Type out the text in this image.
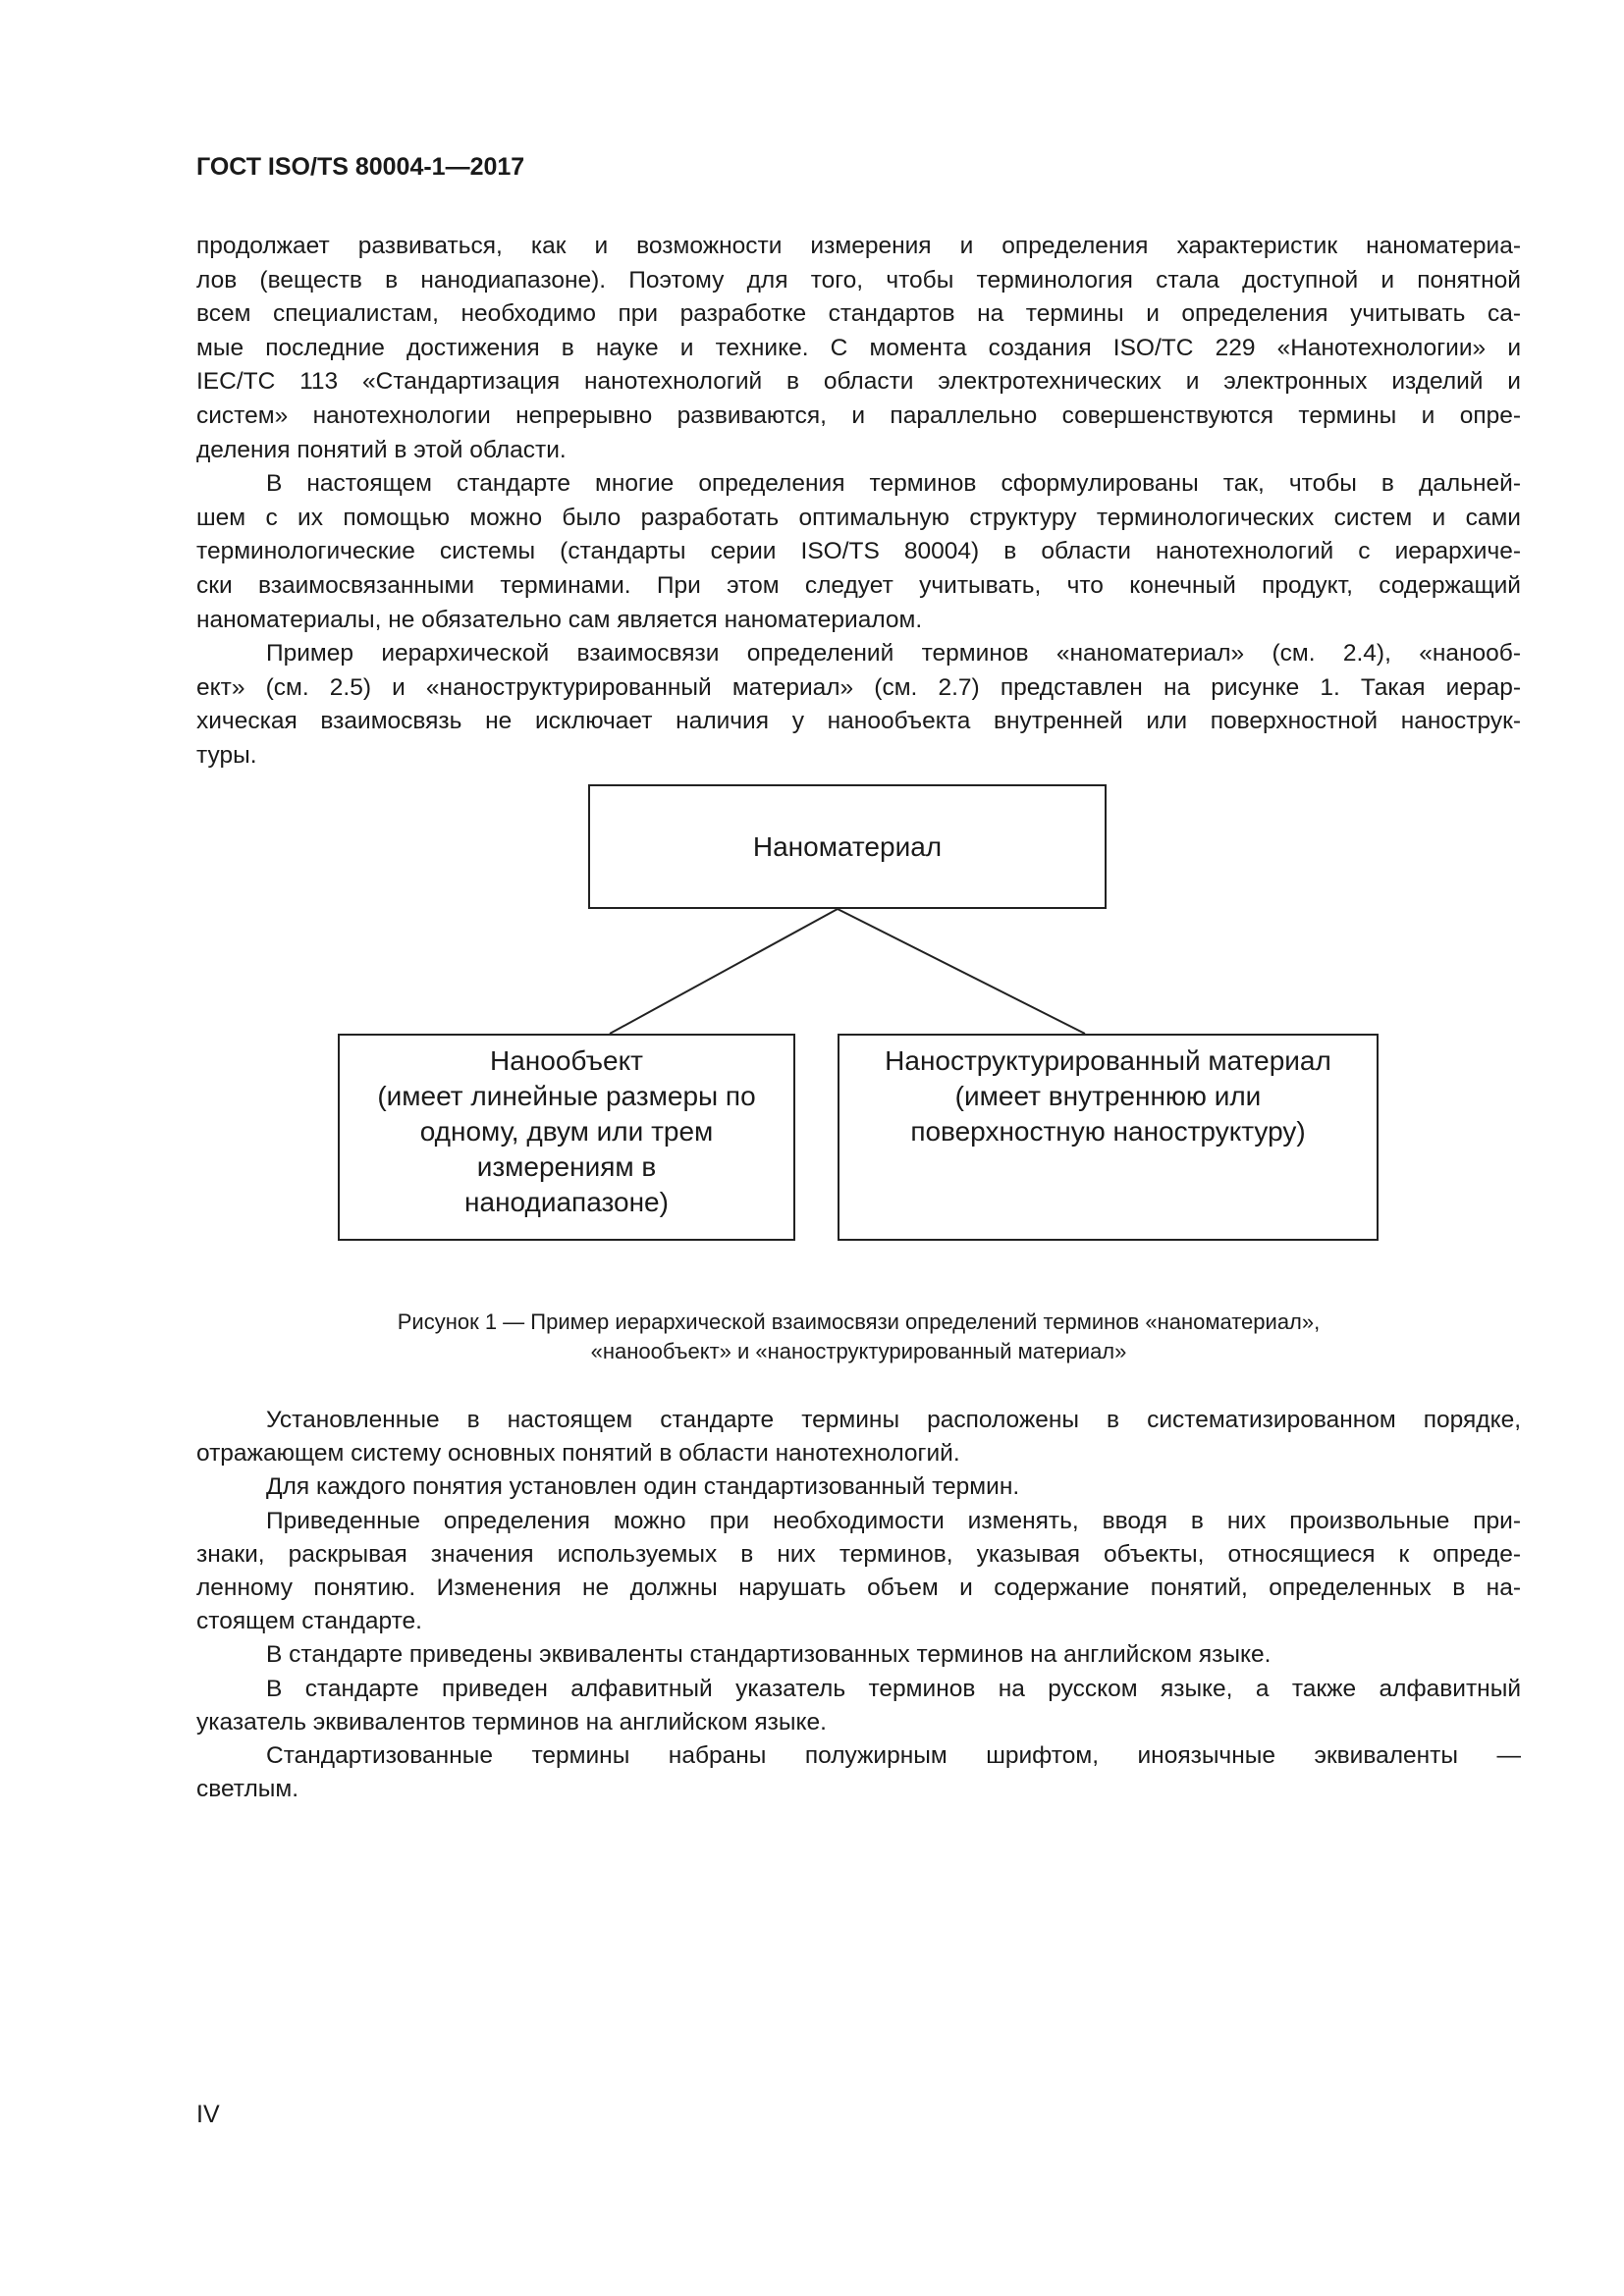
ГОСТ ISO/TS 80004-1—2017
продолжает развиваться, как и возможности измерения и определения характеристик наноматериа-
лов (веществ в нанодиапазоне). Поэтому для того, чтобы терминология стала доступной и понятной
всем специалистам, необходимо при разработке стандартов на термины и определения учитывать са-
мые последние достижения в науке и технике. С момента создания ISO/TC 229 «Нанотехнологии» и
IEC/TC 113 «Стандартизация нанотехнологий в области электротехнических и электронных изделий и
систем» нанотехнологии непрерывно развиваются, и параллельно совершенствуются термины и опре-
деления понятий в этой области.
В настоящем стандарте многие определения терминов сформулированы так, чтобы в дальней-
шем с их помощью можно было разработать оптимальную структуру терминологических систем и сами
терминологические системы (стандарты серии ISO/TS 80004) в области нанотехнологий с иерархиче-
ски взаимосвязанными терминами. При этом следует учитывать, что конечный продукт, содержащий
наноматериалы, не обязательно сам является наноматериалом.
Пример иерархической взаимосвязи определений терминов «наноматериал» (см. 2.4), «нанооб-
ект» (см. 2.5) и «наноструктурированный материал» (см. 2.7) представлен на рисунке 1. Такая иерар-
хическая взаимосвязь не исключает наличия у нанообъекта внутренней или поверхностной нанострук-
туры.
Наноматериал
Нанообъект
(имеет линейные размеры по
одному, двум или трем
измерениям в
нанодиапазоне)
Наноструктурированный материал
(имеет внутреннюю или
поверхностную наноструктуру)
Рисунок 1 — Пример иерархической взаимосвязи определений терминов «наноматериал»,
«нанообъект» и «наноструктурированный материал»
Установленные в настоящем стандарте термины расположены в систематизированном порядке,
отражающем систему основных понятий в области нанотехнологий.
Для каждого понятия установлен один стандартизованный термин.
Приведенные определения можно при необходимости изменять, вводя в них произвольные при-
знаки, раскрывая значения используемых в них терминов, указывая объекты, относящиеся к опреде-
ленному понятию. Изменения не должны нарушать объем и содержание понятий, определенных в на-
стоящем стандарте.
В стандарте приведены эквиваленты стандартизованных терминов на английском языке.
В стандарте приведен алфавитный указатель терминов на русском языке, а также алфавитный
указатель эквивалентов терминов на английском языке.
Стандартизованные термины набраны полужирным шрифтом, иноязычные эквиваленты —
светлым.
IV
